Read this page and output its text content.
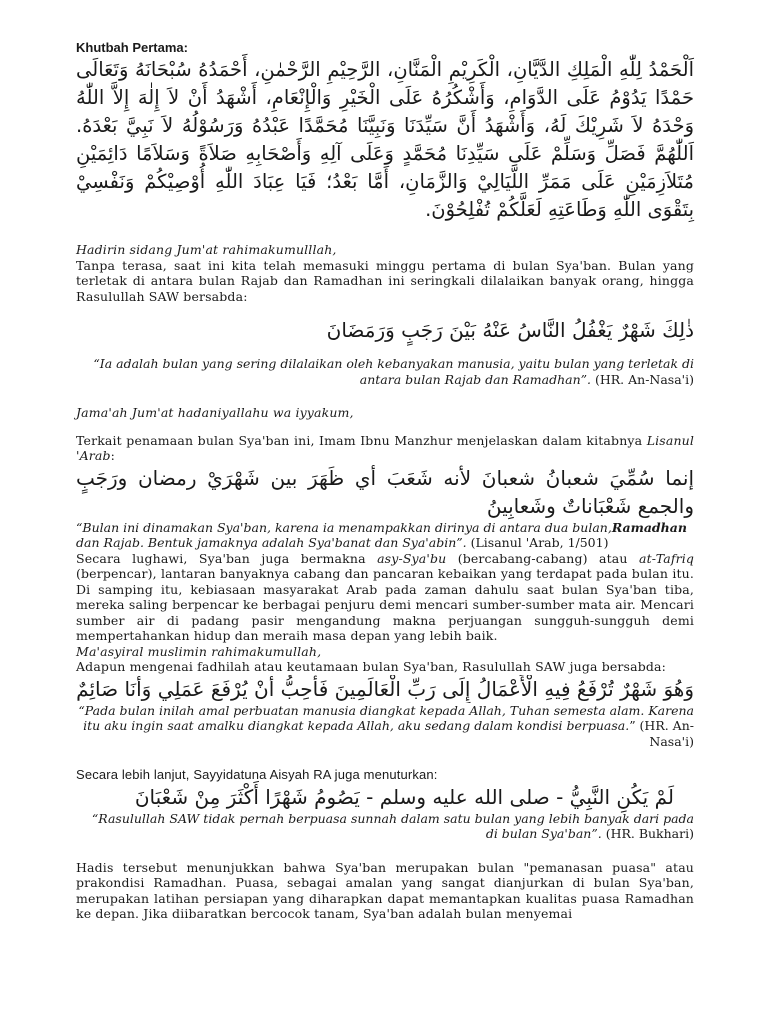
Khutbah Pertama:

اَلْحَمْدُ لِلّٰهِ الْمَلِكِ الدَّيَّانِ، الْكَرِيْمِ الْمَنَّانِ، الرَّحِيْمِ الرَّحْمٰنِ، أَحْمَدُهُ سُبْحَانَهُ وَتَعَالَى حَمْدًا يَدُوْمُ عَلَى الدَّوَامِ، وَأَشْكُرُهُ عَلَى الْخَيْرِ وَالْإِنْعَامِ، أَشْهَدُ أَنْ لاَ إِلٰهَ إِلاَّ اللّٰهُ وَحْدَهُ لاَ شَرِيْكَ لَهُ، وَأَشْهَدُ أَنَّ سَيِّدَنَا وَنَبِيَّنَا مُحَمَّدًا عَبْدُهُ وَرَسُوْلُهُ لاَ نَبِيَّ بَعْدَهُ. اَللّٰهُمَّ فَصَلِّ وَسَلِّمْ عَلَى سَيِّدِنَا مُحَمَّدٍ وَعَلَى آلِهِ وَأَصْحَابِهِ صَلاَةً وَسَلاَمًا دَائِمَيْنِ مُتَلاَزِمَيْنِ عَلَى مَمَرِّ اللَّيَالِيْ وَالزَّمَانِ، أَمَّا بَعْدُ؛ فَيَا عِبَادَ اللّٰهِ أُوْصِيْكُمْ وَنَفْسِيْ بِتَقْوَى اللّٰهِ وَطَاعَتِهِ لَعَلَّكُمْ تُفْلِحُوْنَ.

Hadirin sidang Jum'at rahimakumulllah,

Tanpa terasa, saat ini kita telah memasuki minggu pertama di bulan Sya'ban. Bulan yang terletak di antara bulan Rajab dan Ramadhan ini seringkali dilalaikan banyak orang, hingga Rasulullah SAW bersabda:

ذٰلِكَ شَهْرٌ يَغْفُلُ النَّاسُ عَنْهُ بَيْنَ رَجَبٍ وَرَمَضَانَ

“Ia adalah bulan yang sering dilalaikan oleh kebanyakan manusia, yaitu bulan yang terletak di antara bulan Rajab dan Ramadhan”. (HR. An-Nasa'i)

Jama'ah Jum'at hadaniyallahu wa iyyakum,

Terkait penamaan bulan Sya'ban ini, Imam Ibnu Manzhur menjelaskan dalam kitabnya Lisanul 'Arab:

إنما سُمِّيَ شعبانُ شعبانَ لأنه شَعَبَ أي ظَهَرَ بين شَهْرَيْ رمضان ورَجَبٍ والجمع شَعْبَاناتٌ وشَعابِينُ

“Bulan ini dinamakan Sya'ban, karena ia menampakkan dirinya di antara dua bulan,Ramadhan dan Rajab. Bentuk jamaknya adalah Sya'banat dan Sya'abin”. (Lisanul 'Arab, 1/501)

Secara lughawi, Sya'ban juga bermakna asy-Sya'bu (bercabang-cabang) atau at-Tafriq (berpencar), lantaran banyaknya cabang dan pancaran kebaikan yang terdapat pada bulan itu. Di samping itu, kebiasaan masyarakat Arab pada zaman dahulu saat bulan Sya'ban tiba, mereka saling berpencar ke berbagai penjuru demi mencari sumber-sumber mata air. Mencari sumber air di padang pasir mengandung makna perjuangan sungguh-sungguh demi mempertahankan hidup dan meraih masa depan yang lebih baik.

Ma'asyiral muslimin rahimakumullah,

Adapun mengenai fadhilah atau keutamaan bulan Sya'ban, Rasulullah SAW juga bersabda:

وَهُوَ شَهْرٌ تُرْفَعُ فِيهِ الْأَعْمَالُ إِلَى رَبِّ الْعَالَمِينَ فَأُحِبُّ أَنْ يُرْفَعَ عَمَلِي وَأَنَا صَائِمٌ

“Pada bulan inilah amal perbuatan manusia diangkat kepada Allah, Tuhan semesta alam. Karena itu aku ingin saat amalku diangkat kepada Allah, aku sedang dalam kondisi berpuasa.” (HR. An-Nasa'i)

Secara lebih lanjut, Sayyidatuna Aisyah RA juga menuturkan:

لَمْ يَكُنِ النَّبِيُّ - صلى الله عليه وسلم - يَصُومُ شَهْرًا أَكْثَرَ مِنْ شَعْبَانَ

“Rasulullah SAW tidak pernah berpuasa sunnah dalam satu bulan yang lebih banyak dari pada di bulan Sya'ban”. (HR. Bukhari)

Hadis tersebut menunjukkan bahwa Sya'ban merupakan bulan "pemanasan puasa" atau prakondisi Ramadhan. Puasa, sebagai amalan yang sangat dianjurkan di bulan Sya'ban, merupakan latihan persiapan yang diharapkan dapat memantapkan kualitas puasa Ramadhan ke depan. Jika diibaratkan bercocok tanam, Sya'ban adalah bulan menyemai
